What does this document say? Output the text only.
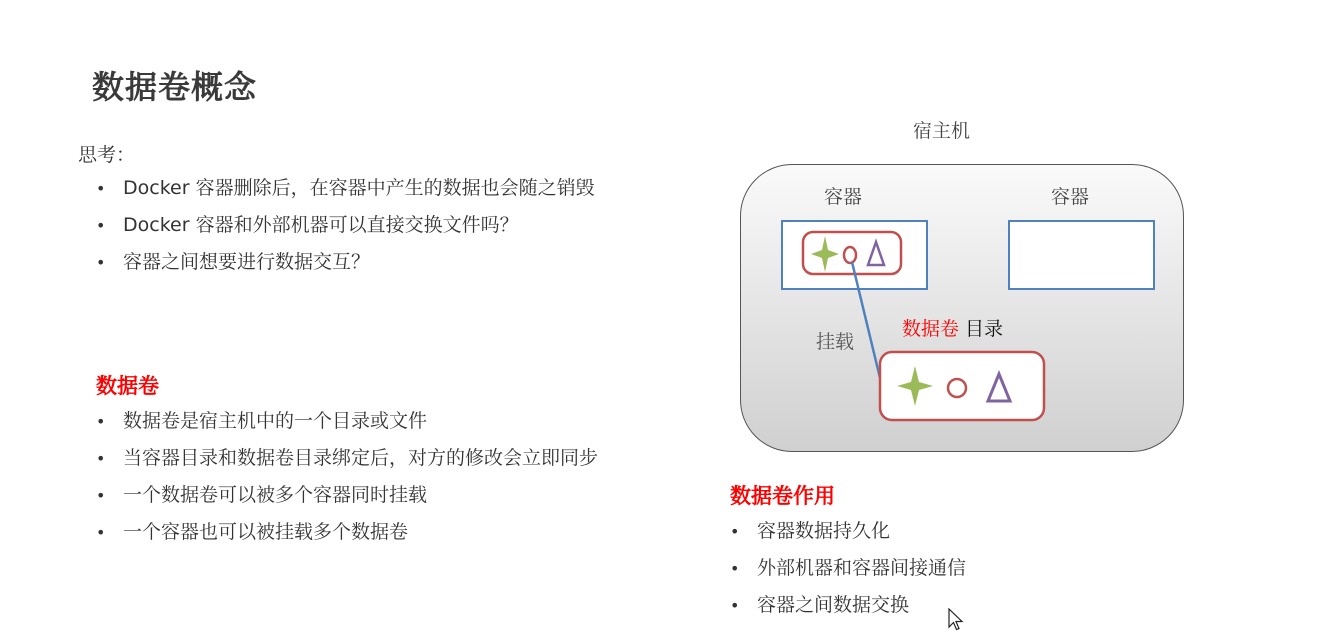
数据卷概念
思考：
• Docker 容器删除后，在容器中产生的数据也会随之销毁
• Docker 容器和外部机器可以直接交换文件吗？
• 容器之间想要进行数据交互？
数据卷
• 数据卷是宿主机中的一个目录或文件
• 当容器目录和数据卷目录绑定后，对方的修改会立即同步
• 一个数据卷可以被多个容器同时挂载
• 一个容器也可以被挂载多个数据卷
宿主机
容器	容器
挂载
数据卷 目录
数据卷作用
• 容器数据持久化
• 外部机器和容器间接通信
• 容器之间数据交换
